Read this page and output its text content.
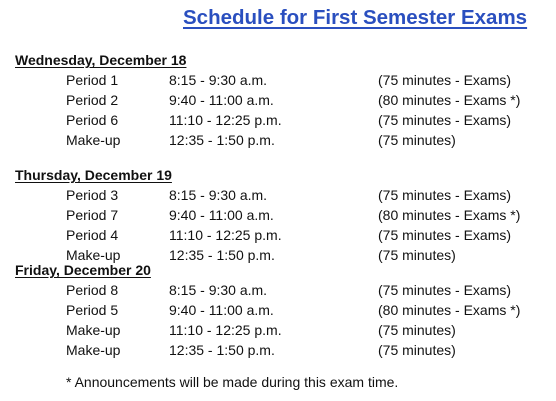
Schedule for First Semester Exams
Wednesday, December 18
Period 1	8:15 - 9:30 a.m.	(75 minutes - Exams)
Period 2	9:40 - 11:00 a.m.	(80 minutes - Exams *)
Period 6	11:10 - 12:25 p.m.	(75 minutes - Exams)
Make-up	12:35 - 1:50 p.m.	(75 minutes)
Thursday, December 19
Period 3	8:15 - 9:30 a.m.	(75 minutes - Exams)
Period 7	9:40 - 11:00 a.m.	(80 minutes - Exams *)
Period 4	11:10 - 12:25 p.m.	(75 minutes - Exams)
Make-up	12:35 - 1:50 p.m.	(75 minutes)
Friday, December 20
Period 8	8:15 - 9:30 a.m.	(75 minutes - Exams)
Period 5	9:40 - 11:00 a.m.	(80 minutes - Exams *)
Make-up	11:10 - 12:25 p.m.	(75 minutes)
Make-up	12:35 - 1:50 p.m.	(75 minutes)
* Announcements will be made during this exam time.
